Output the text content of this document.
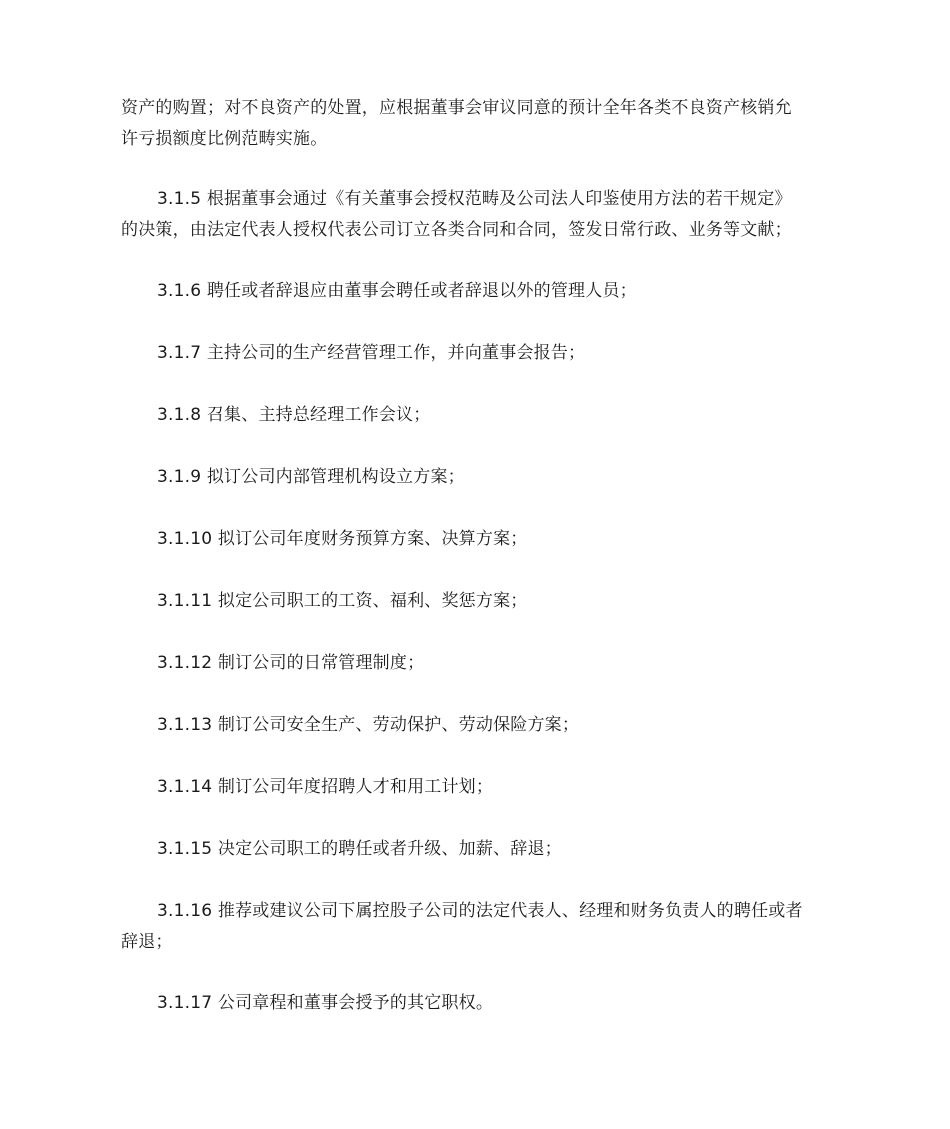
资产的购置；对不良资产的处置，应根据董事会审议同意的预计全年各类不良资产核销允
许亏损额度比例范畴实施。
3.1.5 根据董事会通过《有关董事会授权范畴及公司法人印鉴使用方法的若干规定》
的决策，由法定代表人授权代表公司订立各类合同和合同，签发日常行政、业务等文献；
3.1.6 聘任或者辞退应由董事会聘任或者辞退以外的管理人员；
3.1.7 主持公司的生产经营管理工作，并向董事会报告；
3.1.8 召集、主持总经理工作会议；
3.1.9 拟订公司内部管理机构设立方案；
3.1.10 拟订公司年度财务预算方案、决算方案；
3.1.11 拟定公司职工的工资、福利、奖惩方案；
3.1.12 制订公司的日常管理制度；
3.1.13 制订公司安全生产、劳动保护、劳动保险方案；
3.1.14 制订公司年度招聘人才和用工计划；
3.1.15 决定公司职工的聘任或者升级、加薪、辞退；
3.1.16 推荐或建议公司下属控股子公司的法定代表人、经理和财务负责人的聘任或者
辞退；
3.1.17 公司章程和董事会授予的其它职权。
